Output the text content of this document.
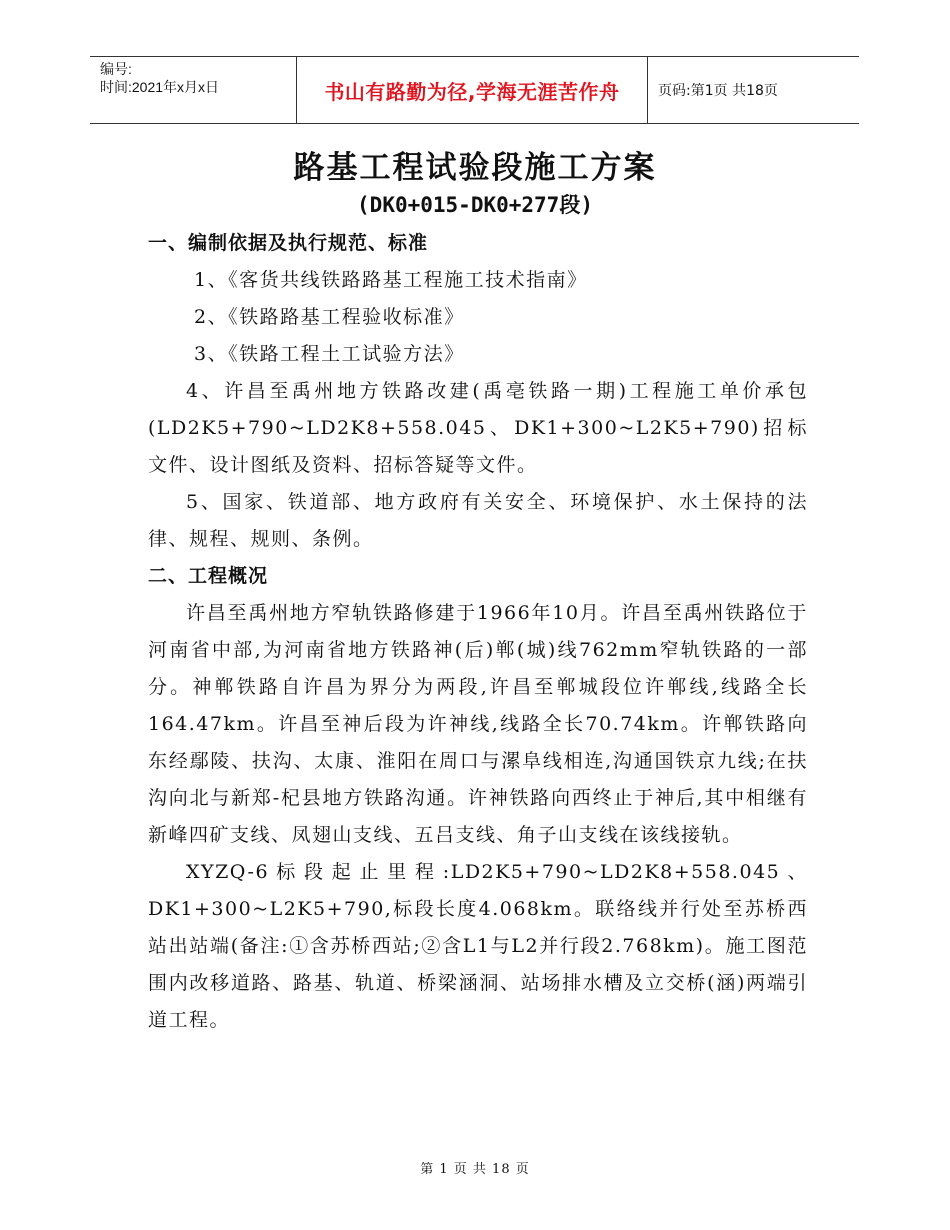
编号:
时间:2021年x月x日	书山有路勤为径,学海无涯苦作舟	页码:第1页 共18页
路基工程试验段施工方案
(DK0+015-DK0+277段)
一、编制依据及执行规范、标准

1、《客货共线铁路路基工程施工技术指南》

2、《铁路路基工程验收标准》

3、《铁路工程土工试验方法》

4、许昌至禹州地方铁路改建(禹亳铁路一期)工程施工单价承包(LD2K5+790~LD2K8+558.045、DK1+300~L2K5+790)招标文件、设计图纸及资料、招标答疑等文件。

5、国家、铁道部、地方政府有关安全、环境保护、水土保持的法律、规程、规则、条例。

二、工程概况

许昌至禹州地方窄轨铁路修建于1966年10月。许昌至禹州铁路位于河南省中部,为河南省地方铁路神(后)郸(城)线762mm窄轨铁路的一部分。神郸铁路自许昌为界分为两段,许昌至郸城段位许郸线,线路全长164.47km。许昌至神后段为许神线,线路全长70.74km。许郸铁路向东经鄢陵、扶沟、太康、淮阳在周口与漯阜线相连,沟通国铁京九线;在扶沟向北与新郑-杞县地方铁路沟通。许神铁路向西终止于神后,其中相继有新峰四矿支线、凤翅山支线、五吕支线、角子山支线在该线接轨。

XYZQ-6标段起止里程:LD2K5+790~LD2K8+558.045、DK1+300~L2K5+790,标段长度4.068km。联络线并行处至苏桥西站出站端(备注:①含苏桥西站;②含L1与L2并行段2.768km)。施工图范围内改移道路、路基、轨道、桥梁涵洞、站场排水槽及立交桥(涵)两端引道工程。

第 1 页 共 18 页
